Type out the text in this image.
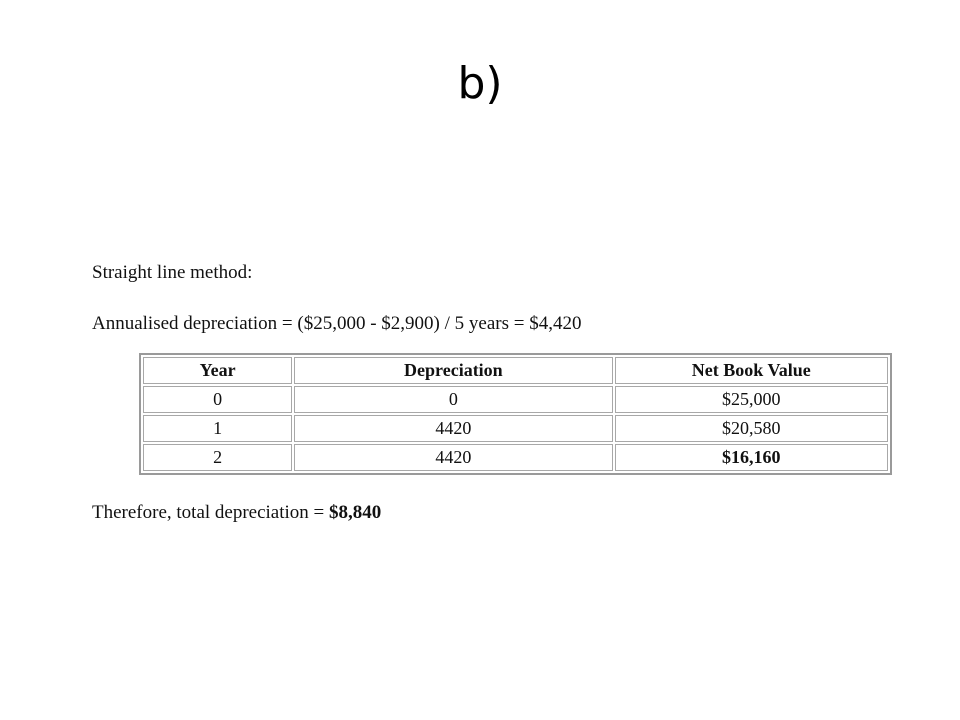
b)

Straight line method:

Annualised depreciation = ($25,000 - $2,900) / 5 years = $4,420

Year	Depreciation	Net Book Value
0	0	$25,000
1	4420	$20,580
2	4420	$16,160

Therefore, total depreciation = $8,840
